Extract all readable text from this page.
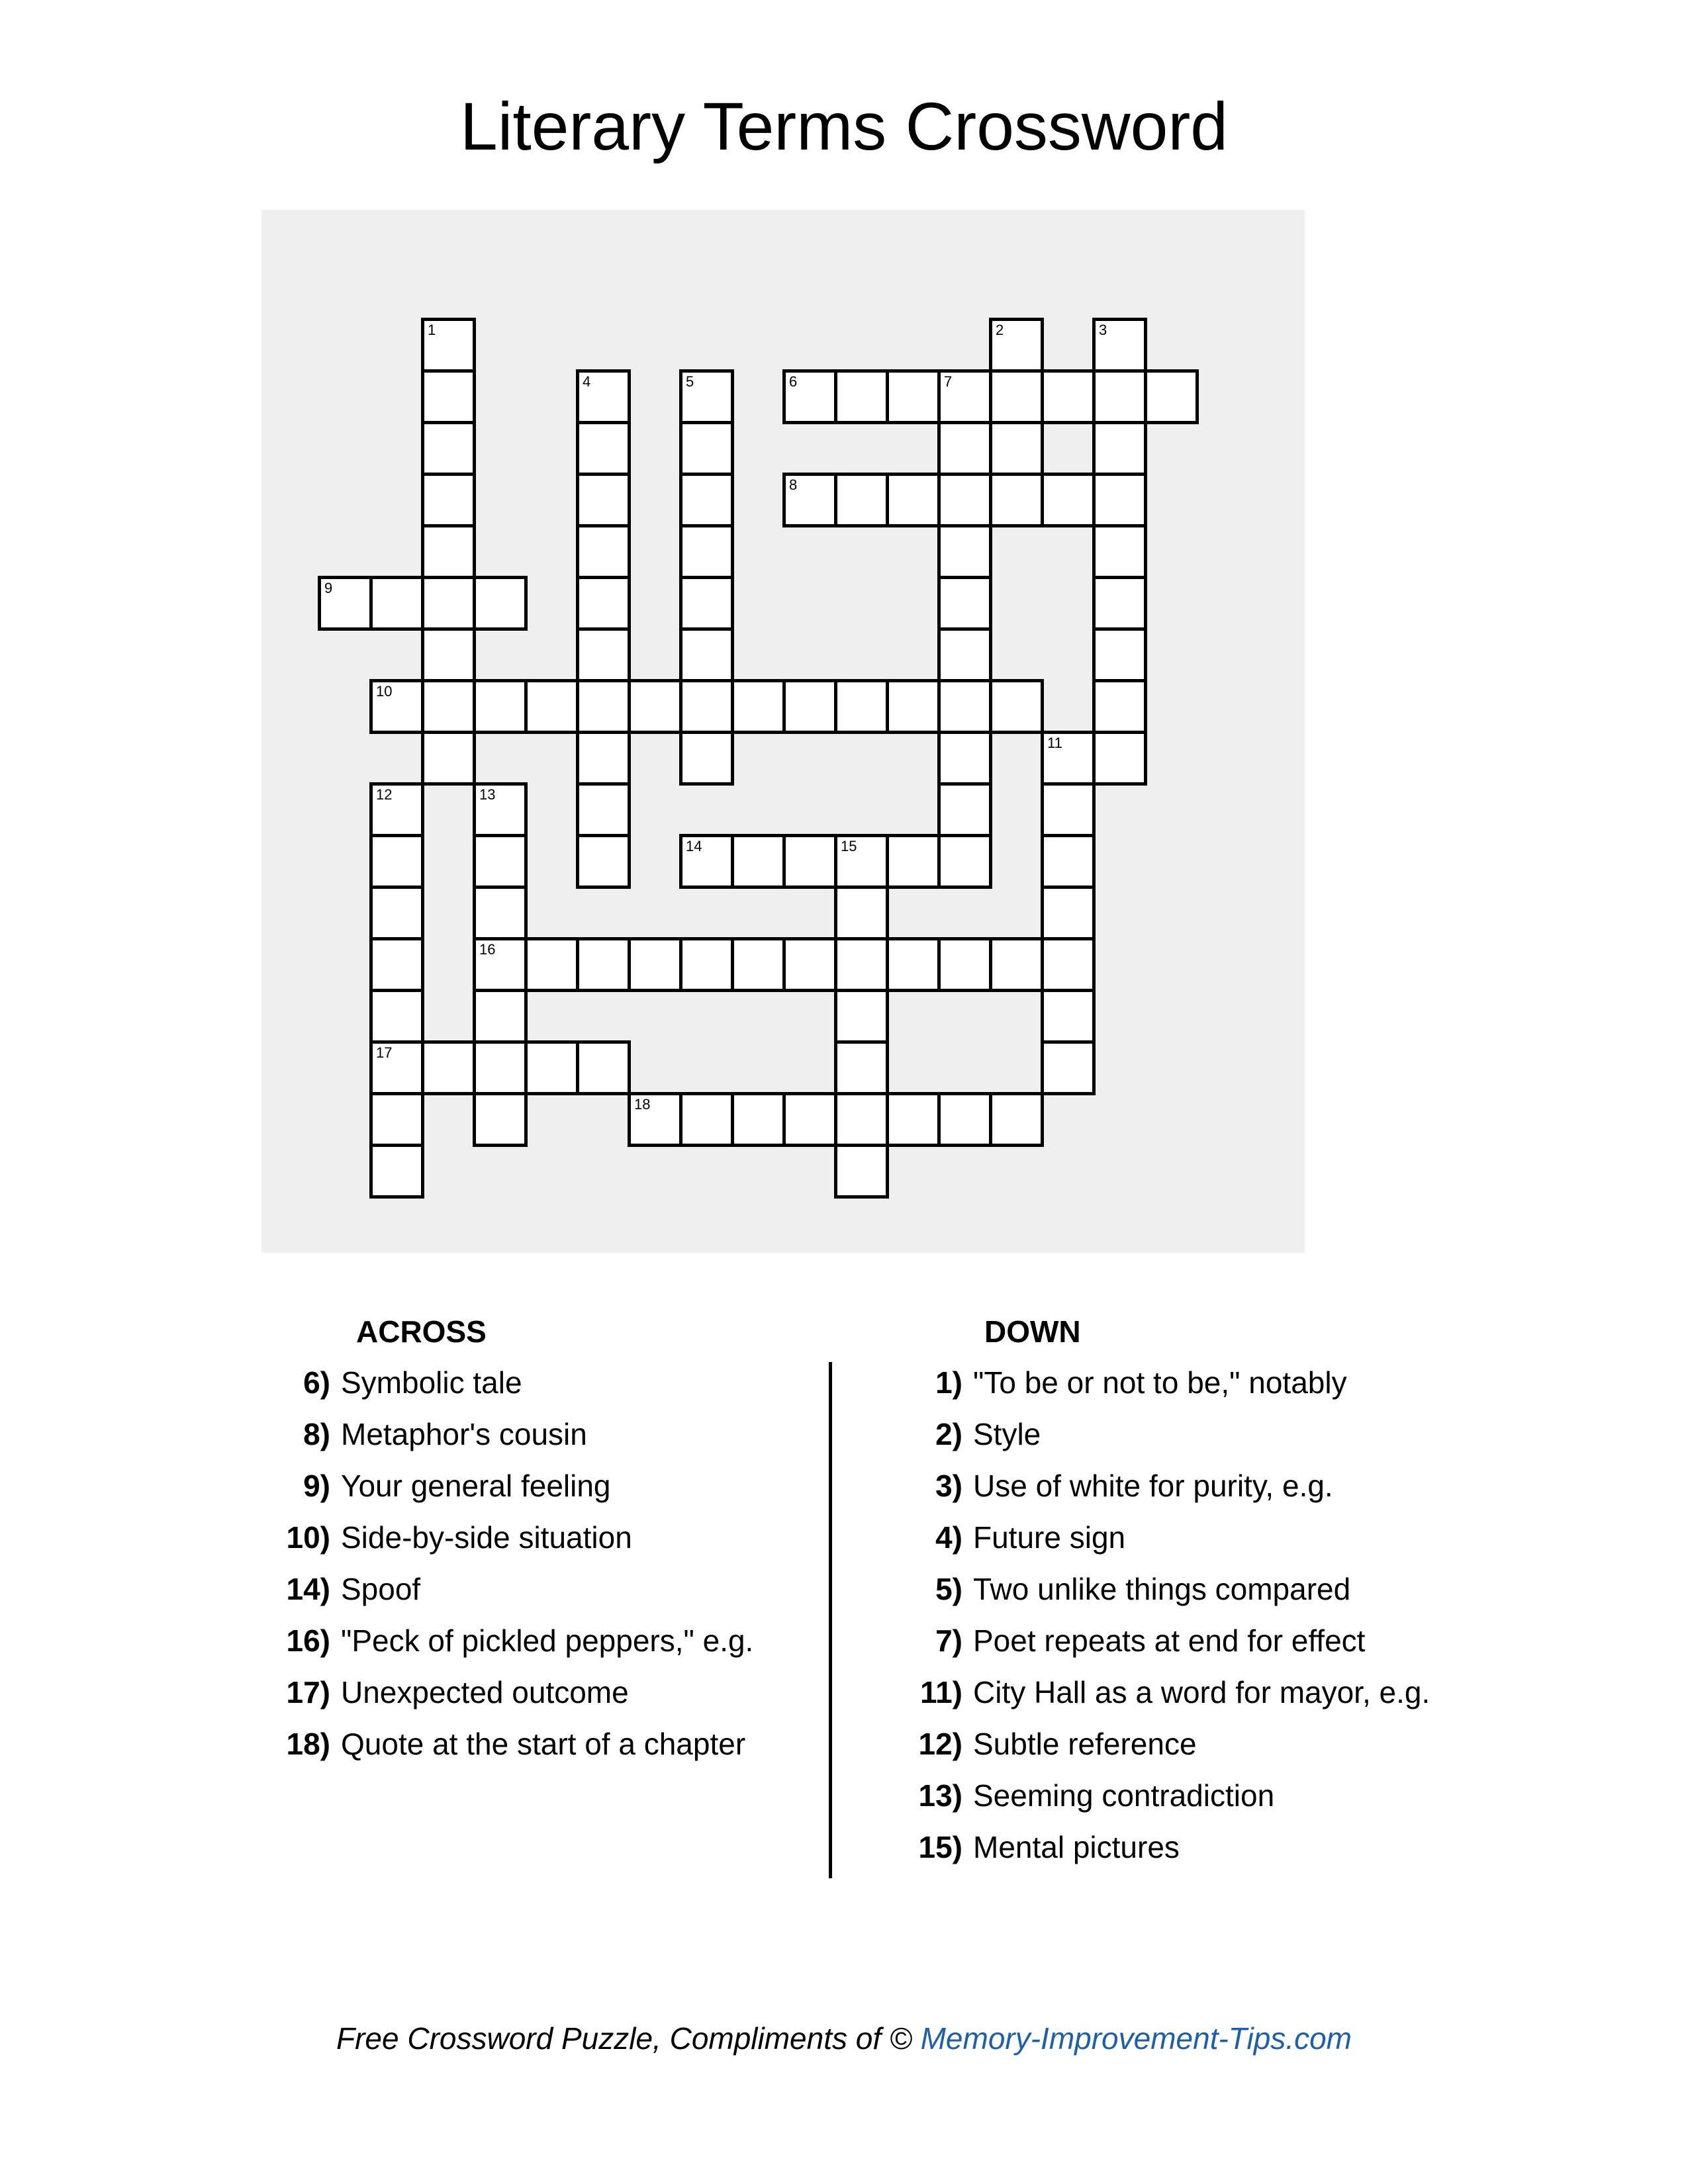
Literary Terms Crossword
1	2	3
4	5	6	7
8
9
10
11
12	13
14	15
16
17
18
ACROSS
6) Symbolic tale
8) Metaphor's cousin
9) Your general feeling
10) Side-by-side situation
14) Spoof
16) "Peck of pickled peppers," e.g.
17) Unexpected outcome
18) Quote at the start of a chapter
DOWN
1) "To be or not to be," notably
2) Style
3) Use of white for purity, e.g.
4) Future sign
5) Two unlike things compared
7) Poet repeats at end for effect
11) City Hall as a word for mayor, e.g.
12) Subtle reference
13) Seeming contradiction
15) Mental pictures
Free Crossword Puzzle, Compliments of © Memory-Improvement-Tips.com
